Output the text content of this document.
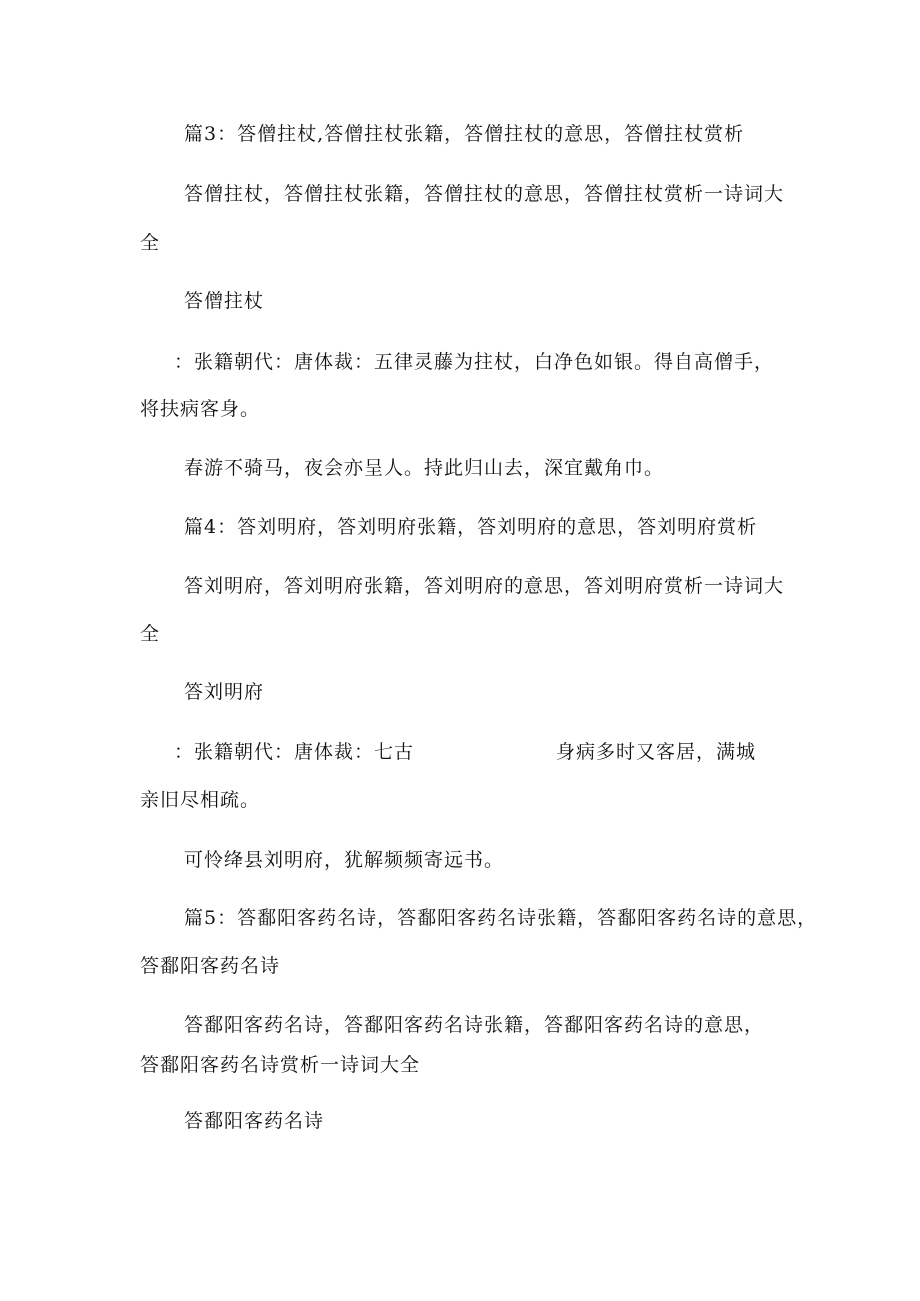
篇3：答僧拄杖,答僧拄杖张籍，答僧拄杖的意思，答僧拄杖赏析

答僧拄杖，答僧拄杖张籍，答僧拄杖的意思，答僧拄杖赏析一诗词大

全

答僧拄杖

：张籍朝代：唐体裁：五律灵藤为拄杖，白净色如银。得自高僧手，

将扶病客身。

春游不骑马，夜会亦呈人。持此归山去，深宜戴角巾。

篇4：答刘明府，答刘明府张籍，答刘明府的意思，答刘明府赏析

答刘明府，答刘明府张籍，答刘明府的意思，答刘明府赏析一诗词大

全

答刘明府

：张籍朝代：唐体裁：七古	身病多时又客居，满城

亲旧尽相疏。

可怜绛县刘明府，犹解频频寄远书。

篇5：答鄱阳客药名诗，答鄱阳客药名诗张籍，答鄱阳客药名诗的意思，

答鄱阳客药名诗

答鄱阳客药名诗，答鄱阳客药名诗张籍，答鄱阳客药名诗的意思，

答鄱阳客药名诗赏析一诗词大全

答鄱阳客药名诗
